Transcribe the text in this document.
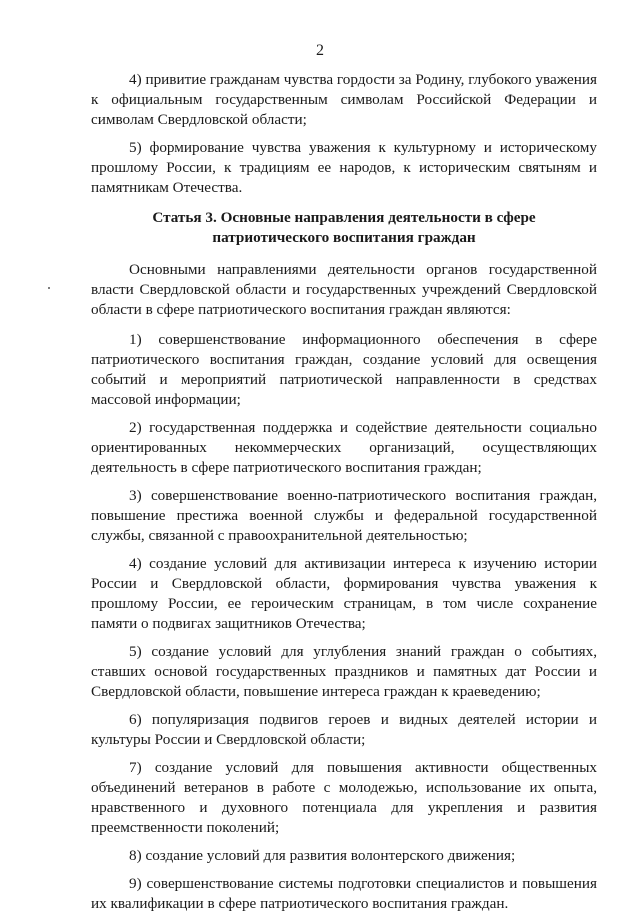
2

4) привитие гражданам чувства гордости за Родину, глубокого уважения к официальным государственным символам Российской Федерации и символам Свердловской области;

5) формирование чувства уважения к культурному и историческому прошлому России, к традициям ее народов, к историческим святыням и памятникам Отечества.

Статья 3. Основные направления деятельности в сфере
патриотического воспитания граждан

Основными направлениями деятельности органов государственной власти Свердловской области и государственных учреждений Свердловской области в сфере патриотического воспитания граждан являются:

1) совершенствование информационного обеспечения в сфере патриотического воспитания граждан, создание условий для освещения событий и мероприятий патриотической направленности в средствах массовой информации;

2) государственная поддержка и содействие деятельности социально ориентированных некоммерческих организаций, осуществляющих деятельность в сфере патриотического воспитания граждан;

3) совершенствование военно-патриотического воспитания граждан, повышение престижа военной службы и федеральной государственной службы, связанной с правоохранительной деятельностью;

4) создание условий для активизации интереса к изучению истории России и Свердловской области, формирования чувства уважения к прошлому России, ее героическим страницам, в том числе сохранение памяти о подвигах защитников Отечества;

5) создание условий для углубления знаний граждан о событиях, ставших основой государственных праздников и памятных дат России и Свердловской области, повышение интереса граждан к краеведению;

6) популяризация подвигов героев и видных деятелей истории и культуры России и Свердловской области;

7) создание условий для повышения активности общественных объединений ветеранов в работе с молодежью, использование их опыта, нравственного и духовного потенциала для укрепления и развития преемственности поколений;

8) создание условий для развития волонтерского движения;

9) совершенствование системы подготовки специалистов и повышения их квалификации в сфере патриотического воспитания граждан.
